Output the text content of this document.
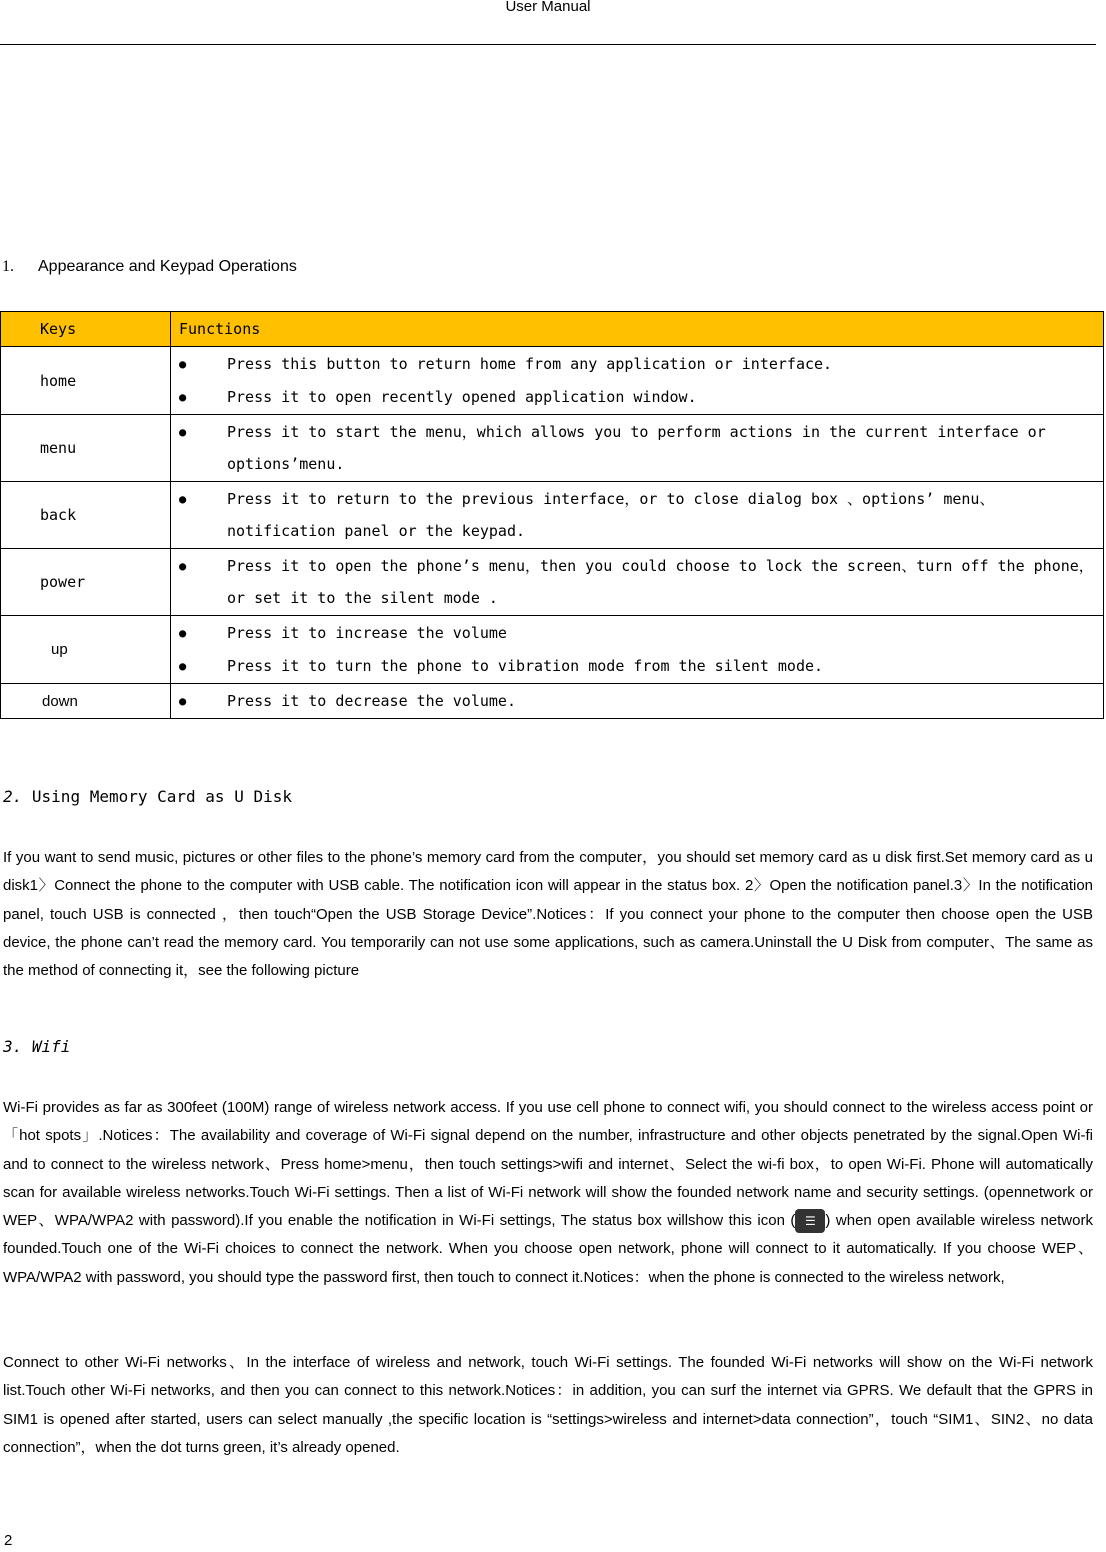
User Manual
1. Appearance and Keypad Operations
Keys	Functions
home	● Press this button to return home from any application or interface.
● Press it to open recently opened application window.

menu	● Press it to start the menu，which allows you to perform actions in the current interface or options’menu.

back	● Press it to return to the previous interface，or to close dialog box 、options’ menu、notification panel or the keypad.

power	● Press it to open the phone’s menu，then you could choose to lock the screen、turn off the phone，or set it to the silent mode .

up	● Press it to increase the volume
● Press it to turn the phone to vibration mode from the silent mode.

down	● Press it to decrease the volume.
2. Using Memory Card as U Disk
If you want to send music, pictures or other files to the phone’s memory card from the computer，you should set memory card as u disk first.Set memory card as u disk1〉Connect the phone to the computer with USB cable. The notification icon will appear in the status box. 2〉Open the notification panel.3〉In the notification panel, touch USB is connected ，then touch“Open the USB Storage Device”.Notices：If you connect your phone to the computer then choose open the USB device, the phone can’t read the memory card. You temporarily can not use some applications, such as camera.Uninstall the U Disk from computer、The same as the method of connecting it，see the following picture
3. Wifi
Wi-Fi provides as far as 300feet (100M) range of wireless network access. If you use cell phone to connect wifi, you should connect to the wireless access point or 「hot spots」.Notices：The availability and coverage of Wi-Fi signal depend on the number, infrastructure and other objects penetrated by the signal.Open Wi-fi and to connect to the wireless network、Press home>menu，then touch settings>wifi and internet、Select the wi-fi box，to open Wi-Fi. Phone will automatically scan for available wireless networks.Touch Wi-Fi settings. Then a list of Wi-Fi network will show the founded network name and security settings. (opennetwork or WEP、WPA/WPA2 with password).If you enable the notification in Wi-Fi settings, The status box willshow this icon ( ☰ ) when open available wireless network founded.Touch one of the Wi-Fi choices to connect the network. When you choose open network, phone will connect to it automatically. If you choose WEP、WPA/WPA2 with password, you should type the password first, then touch to connect it.Notices：when the phone is connected to the wireless network,
Connect to other Wi-Fi networks、In the interface of wireless and network, touch Wi-Fi settings. The founded Wi-Fi networks will show on the Wi-Fi network list.Touch other Wi-Fi networks, and then you can connect to this network.Notices：in addition, you can surf the internet via GPRS. We default that the GPRS in SIM1 is opened after started, users can select manually ,the specific location is “settings>wireless and internet>data connection”，touch “SIM1、SIN2、no data connection”，when the dot turns green, it’s already opened.
2
